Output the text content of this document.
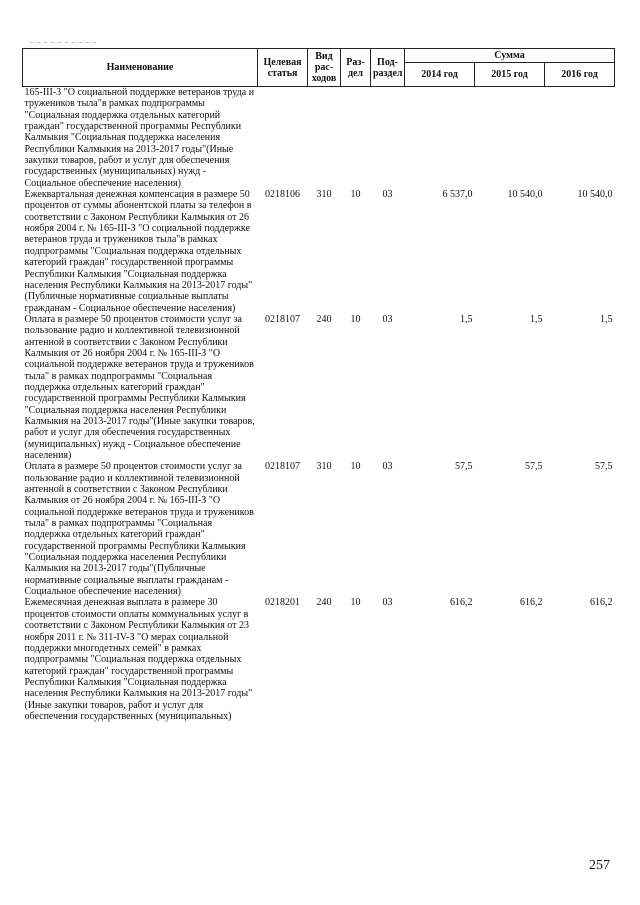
Наименование	Целевая статья	Вид рас-ходов	Раз-дел	Под-раздел	Сумма		
					2014 год	2015 год	2016 год
165-III-З "О социальной поддержке ветеранов труда и тружеников тыла"в рамках подпрограммы "Социальная поддержка отдельных категорий граждан" государственной программы Республики Калмыкия "Социальная поддержка населения Республики Калмыкия на 2013-2017 годы"(Иные закупки товаров, работ и услуг для обеспечения государственных (муниципальных) нужд - Социальное обеспечение населения)							
Ежеквартальная денежная компенсация в размере 50 процентов от суммы абонентской платы за телефон в соответствии с Законом Республики Калмыкия от 26 ноября 2004 г. № 165-III-З "О социальной поддержке ветеранов труда и тружеников тыла"в рамках подпрограммы "Социальная поддержка отдельных категорий граждан" государственной программы Республики Калмыкия "Социальная поддержка населения Республики Калмыкия на 2013-2017 годы"(Публичные нормативные социальные выплаты гражданам - Социальное обеспечение населения)	0218106	310	10	03	6 537,0	10 540,0	10 540,0
Оплата в размере 50 процентов стоимости услуг за пользование радио и коллективной телевизионной антенной в соответствии с Законом Республики Калмыкия от 26 ноября 2004 г. № 165-III-З "О социальной поддержке ветеранов труда и тружеников тыла" в рамках подпрограммы "Социальная поддержка отдельных категорий граждан" государственной программы Республики Калмыкия "Социальная поддержка населения Республики Калмыкия на 2013-2017 годы"(Иные закупки товаров, работ и услуг для обеспечения государственных (муниципальных) нужд - Социальное обеспечение населения)	0218107	240	10	03	1,5	1,5	1,5
Оплата в размере 50 процентов стоимости услуг за пользование радио и коллективной телевизионной антенной в соответствии с Законом Республики Калмыкия от 26 ноября 2004 г. № 165-III-З "О социальной поддержке ветеранов труда и тружеников тыла" в рамках подпрограммы "Социальная поддержка отдельных категорий граждан" государственной программы Республики Калмыкия "Социальная поддержка населения Республики Калмыкия на 2013-2017 годы"(Публичные нормативные социальные выплаты гражданам - Социальное обеспечение населения)	0218107	310	10	03	57,5	57,5	57,5
Ежемесячная денежная выплата в размере 30 процентов стоимости оплаты коммунальных услуг в соответствии с Законом Республики Калмыкия от 23 ноября 2011 г. № 311-IV-З "О мерах социальной поддержки многодетных семей" в рамках подпрограммы "Социальная поддержка отдельных категорий граждан" государственной программы Республики Калмыкия "Социальная поддержка населения Республики Калмыкия на 2013-2017 годы"(Иные закупки товаров, работ и услуг для обеспечения государственных (муниципальных)	0218201	240	10	03	616,2	616,2	616,2
257
